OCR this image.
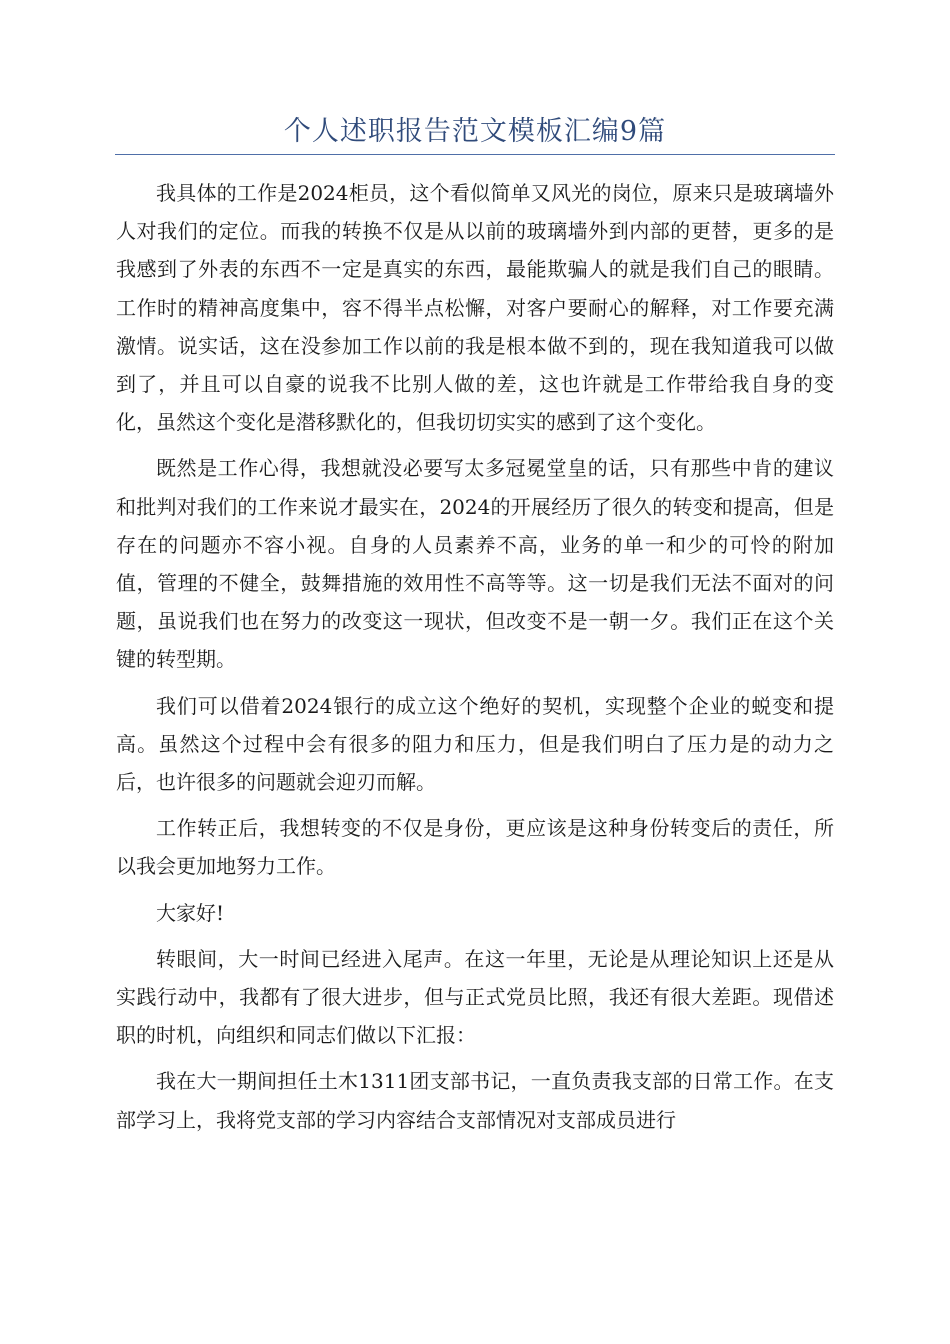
个人述职报告范文模板汇编9篇

我具体的工作是2024柜员，这个看似简单又风光的岗位，原来只是玻璃墙外人对我们的定位。而我的转换不仅是从以前的玻璃墙外到内部的更替，更多的是我感到了外表的东西不一定是真实的东西，最能欺骗人的就是我们自己的眼睛。工作时的精神高度集中，容不得半点松懈，对客户要耐心的解释，对工作要充满激情。说实话，这在没参加工作以前的我是根本做不到的，现在我知道我可以做到了，并且可以自豪的说我不比别人做的差，这也许就是工作带给我自身的变化，虽然这个变化是潜移默化的，但我切切实实的感到了这个变化。

既然是工作心得，我想就没必要写太多冠冕堂皇的话，只有那些中肯的建议和批判对我们的工作来说才最实在，2024的开展经历了很久的转变和提高，但是存在的问题亦不容小视。自身的人员素养不高，业务的单一和少的可怜的附加值，管理的不健全，鼓舞措施的效用性不高等等。这一切是我们无法不面对的问题，虽说我们也在努力的改变这一现状，但改变不是一朝一夕。我们正在这个关键的转型期。

我们可以借着2024银行的成立这个绝好的契机，实现整个企业的蜕变和提高。虽然这个过程中会有很多的阻力和压力，但是我们明白了压力是的动力之后，也许很多的问题就会迎刃而解。

工作转正后，我想转变的不仅是身份，更应该是这种身份转变后的责任，所以我会更加地努力工作。

大家好!

转眼间，大一时间已经进入尾声。在这一年里，无论是从理论知识上还是从实践行动中，我都有了很大进步，但与正式党员比照，我还有很大差距。现借述职的时机，向组织和同志们做以下汇报：

我在大一期间担任土木1311团支部书记，一直负责我支部的日常工作。在支部学习上，我将党支部的学习内容结合支部情况对支部成员进行
